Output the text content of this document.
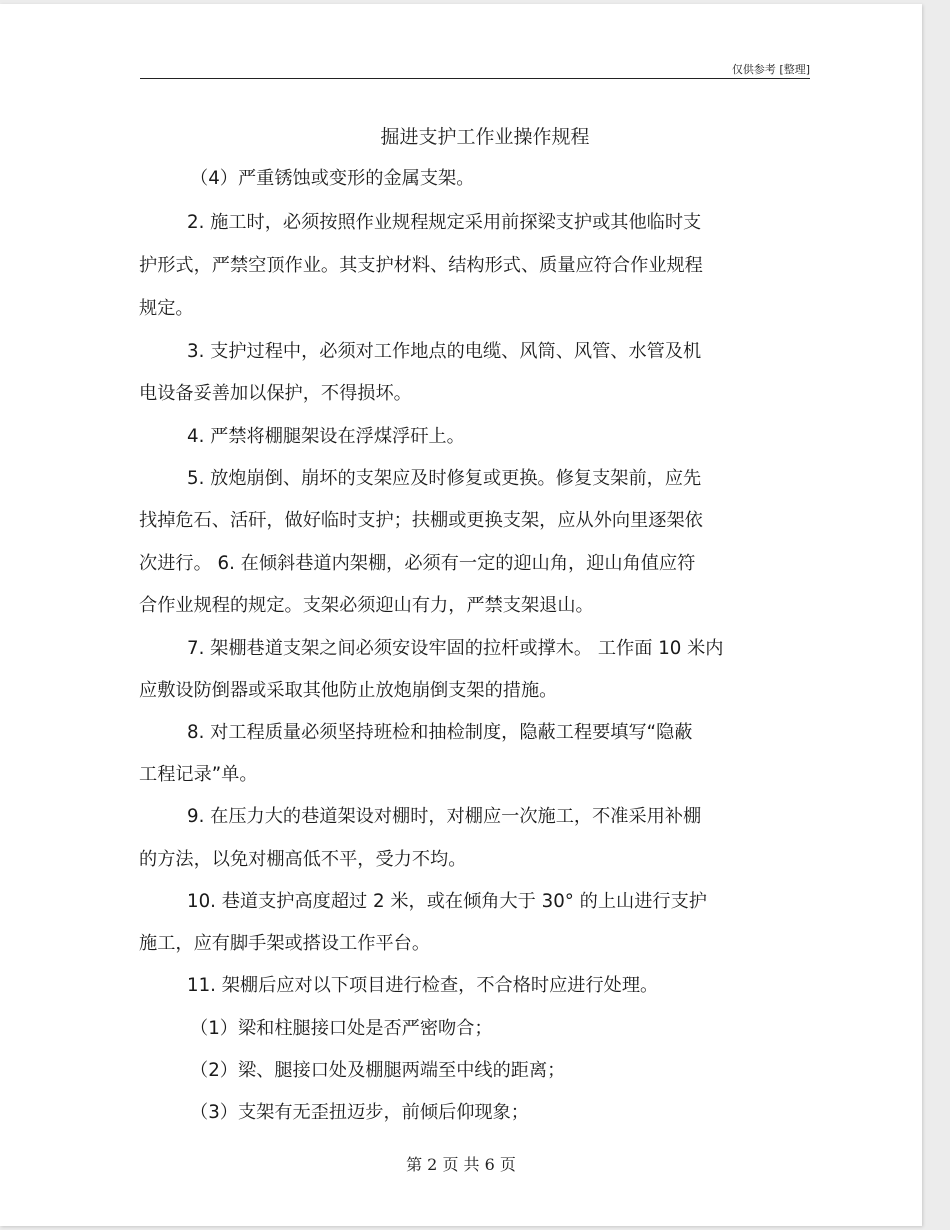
仅供参考 [整理]
掘进支护工作业操作规程
（4）严重锈蚀或变形的金属支架。
2. 施工时，必须按照作业规程规定采用前探梁支护或其他临时支
护形式，严禁空顶作业。其支护材料、结构形式、质量应符合作业规程
规定。
3. 支护过程中，必须对工作地点的电缆、风筒、风管、水管及机
电设备妥善加以保护，不得损坏。
4. 严禁将棚腿架设在浮煤浮矸上。
5. 放炮崩倒、崩坏的支架应及时修复或更换。修复支架前，应先
找掉危石、活矸，做好临时支护；扶棚或更换支架，应从外向里逐架依
次进行。 6. 在倾斜巷道内架棚，必须有一定的迎山角，迎山角值应符
合作业规程的规定。支架必须迎山有力，严禁支架退山。
7. 架棚巷道支架之间必须安设牢固的拉杆或撑木。 工作面 10 米内
应敷设防倒器或采取其他防止放炮崩倒支架的措施。
8. 对工程质量必须坚持班检和抽检制度，隐蔽工程要填写“隐蔽
工程记录”单。
9. 在压力大的巷道架设对棚时，对棚应一次施工，不准采用补棚
的方法，以免对棚高低不平，受力不均。
10. 巷道支护高度超过 2 米，或在倾角大于 30° 的上山进行支护
施工，应有脚手架或搭设工作平台。
11. 架棚后应对以下项目进行检查，不合格时应进行处理。
（1）梁和柱腿接口处是否严密吻合；
（2）梁、腿接口处及棚腿两端至中线的距离；
（3）支架有无歪扭迈步，前倾后仰现象；
第 2 页 共 6 页
